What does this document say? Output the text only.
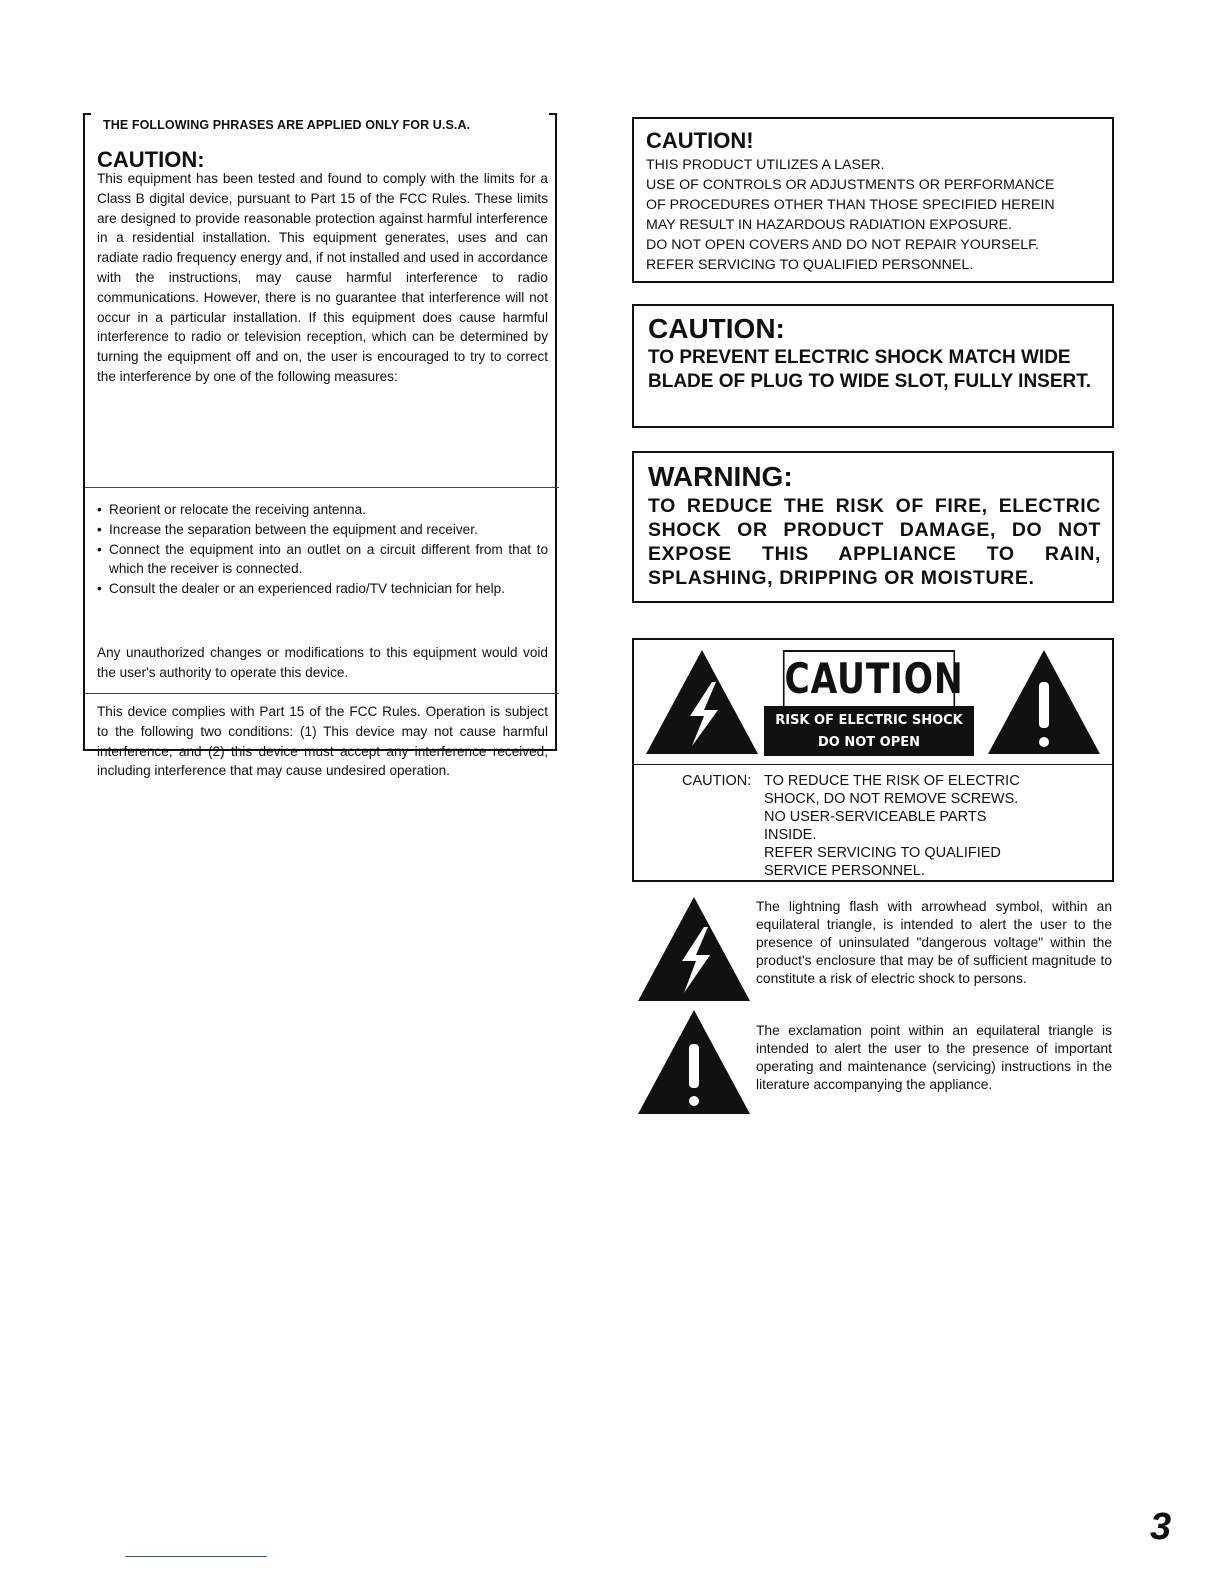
THE FOLLOWING PHRASES ARE APPLIED ONLY FOR U.S.A.
CAUTION:

This equipment has been tested and found to comply with the limits for a Class B digital device, pursuant to Part 15 of the FCC Rules. These limits are designed to provide reasonable protection against harmful interference in a residential installation. This equipment generates, uses and can radiate radio frequency energy and, if not installed and used in accordance with the instructions, may cause harmful interference to radio communications. However, there is no guarantee that interference will not occur in a particular installation. If this equipment does cause harmful interference to radio or television reception, which can be determined by turning the equipment off and on, the user is encouraged to try to correct the interference by one of the following measures:

• Reorient or relocate the receiving antenna.
• Increase the separation between the equipment and receiver.
• Connect the equipment into an outlet on a circuit different from that to which the receiver is connected.
• Consult the dealer or an experienced radio/TV technician for help.

Any unauthorized changes or modifications to this equipment would void the user's authority to operate this device.

This device complies with Part 15 of the FCC Rules. Operation is subject to the following two conditions: (1) This device may not cause harmful interference, and (2) this device must accept any interference received, including interference that may cause undesired operation.

CAUTION!
THIS PRODUCT UTILIZES A LASER.
USE OF CONTROLS OR ADJUSTMENTS OR PERFORMANCE
OF PROCEDURES OTHER THAN THOSE SPECIFIED HEREIN
MAY RESULT IN HAZARDOUS RADIATION EXPOSURE.
DO NOT OPEN COVERS AND DO NOT REPAIR YOURSELF.
REFER SERVICING TO QUALIFIED PERSONNEL.
CAUTION:
TO PREVENT ELECTRIC SHOCK MATCH WIDE BLADE OF PLUG TO WIDE SLOT, FULLY INSERT.
WARNING:
TO REDUCE THE RISK OF FIRE, ELECTRIC SHOCK OR PRODUCT DAMAGE, DO NOT EXPOSE THIS APPLIANCE TO RAIN, SPLASHING, DRIPPING OR MOISTURE.
CAUTION
RISK OF ELECTRIC SHOCK
DO NOT OPEN
CAUTION: TO REDUCE THE RISK OF ELECTRIC
SHOCK, DO NOT REMOVE SCREWS.
NO USER-SERVICEABLE PARTS
INSIDE.
REFER SERVICING TO QUALIFIED
SERVICE PERSONNEL.
The lightning flash with arrowhead symbol, within an equilateral triangle, is intended to alert the user to the presence of uninsulated "dangerous voltage" within the product's enclosure that may be of sufficient magnitude to constitute a risk of electric shock to persons.
The exclamation point within an equilateral triangle is intended to alert the user to the presence of important operating and maintenance (servicing) instructions in the literature accompanying the appliance.
3
